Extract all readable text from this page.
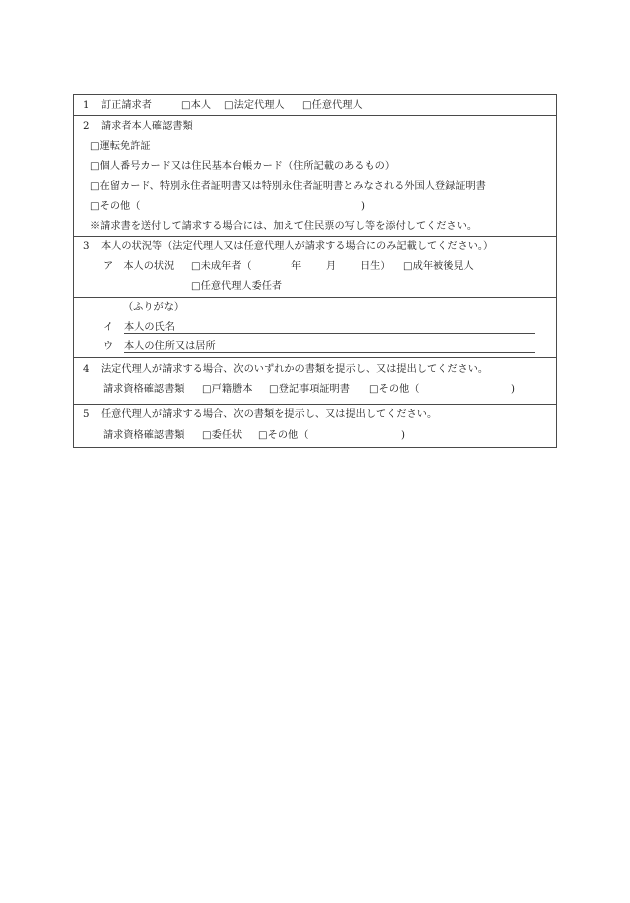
1 訂正請求者	□本人 □法定代理人 □任意代理人
2 請求者本人確認書類
□運転免許証
□個人番号カード又は住民基本台帳カード（住所記載のあるもの）
□在留カード、特別永住者証明書又は特別永住者証明書とみなされる外国人登録証明書
□その他（	)
※請求書を送付して請求する場合には、加えて住民票の写し等を添付してください。
3 本人の状況等（法定代理人又は任意代理人が請求する場合にのみ記載してください。）
ア　本人の状況 □未成年者（	年 月 日生） □成年被後見人
□任意代理人委任者
（ふりがな）
イ 本人の氏名
ウ 本人の住所又は居所
4 法定代理人が請求する場合、次のいずれかの書類を提示し、又は提出してください。
請求資格確認書類 □戸籍謄本 □登記事項証明書 □その他（	)
5 任意代理人が請求する場合、次の書類を提示し、又は提出してください。
請求資格確認書類 □委任状 □その他（	)
